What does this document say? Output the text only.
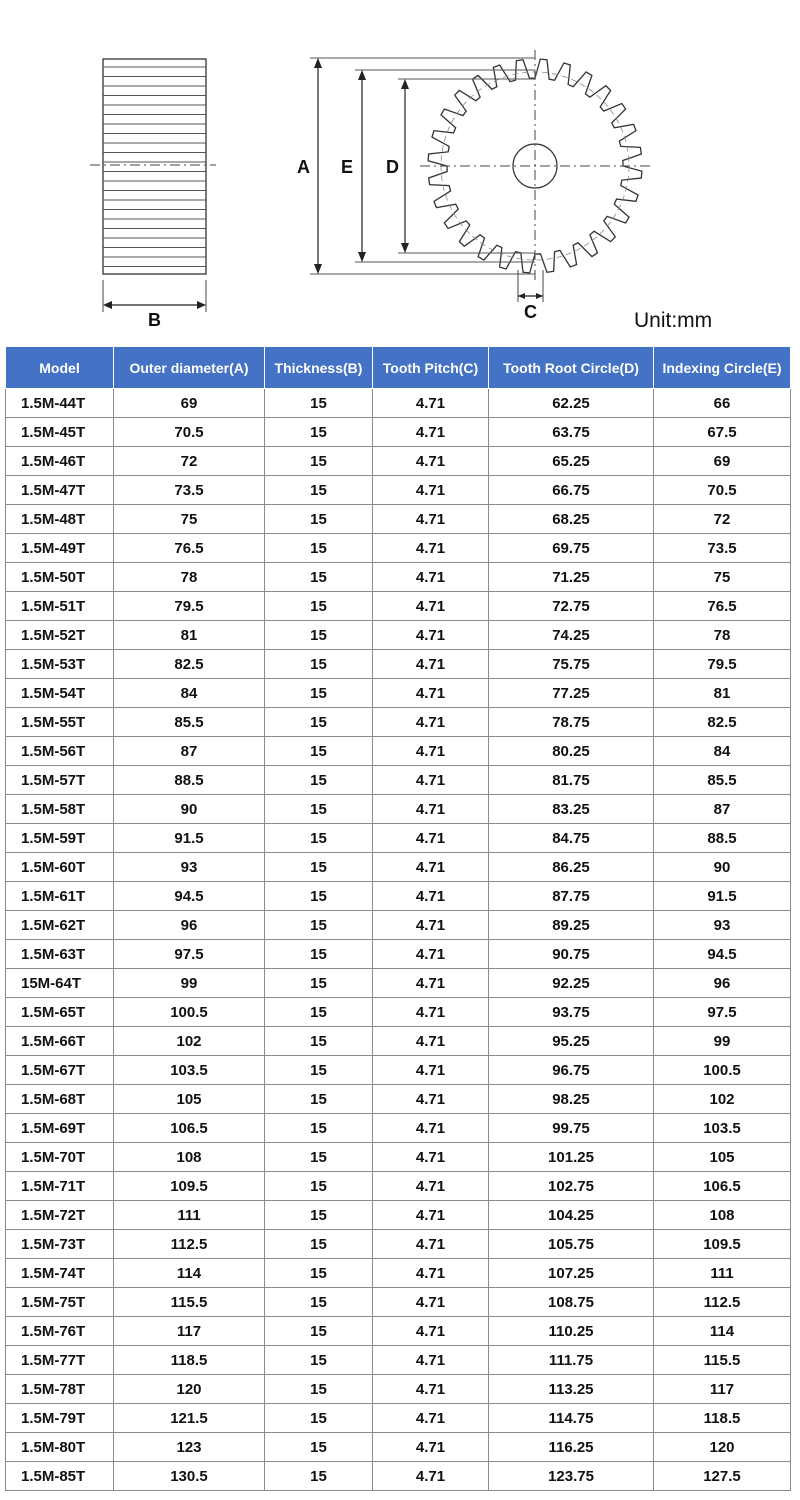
B
A E D
C	Unit:mm
Model	Outer diameter(A)	Thickness(B)	Tooth Pitch(C)	Tooth Root Circle(D)	Indexing Circle(E)
1.5M-44T	69	15	4.71	62.25	66
1.5M-45T	70.5	15	4.71	63.75	67.5
1.5M-46T	72	15	4.71	65.25	69
1.5M-47T	73.5	15	4.71	66.75	70.5
1.5M-48T	75	15	4.71	68.25	72
1.5M-49T	76.5	15	4.71	69.75	73.5
1.5M-50T	78	15	4.71	71.25	75
1.5M-51T	79.5	15	4.71	72.75	76.5
1.5M-52T	81	15	4.71	74.25	78
1.5M-53T	82.5	15	4.71	75.75	79.5
1.5M-54T	84	15	4.71	77.25	81
1.5M-55T	85.5	15	4.71	78.75	82.5
1.5M-56T	87	15	4.71	80.25	84
1.5M-57T	88.5	15	4.71	81.75	85.5
1.5M-58T	90	15	4.71	83.25	87
1.5M-59T	91.5	15	4.71	84.75	88.5
1.5M-60T	93	15	4.71	86.25	90
1.5M-61T	94.5	15	4.71	87.75	91.5
1.5M-62T	96	15	4.71	89.25	93
1.5M-63T	97.5	15	4.71	90.75	94.5
15M-64T	99	15	4.71	92.25	96
1.5M-65T	100.5	15	4.71	93.75	97.5
1.5M-66T	102	15	4.71	95.25	99
1.5M-67T	103.5	15	4.71	96.75	100.5
1.5M-68T	105	15	4.71	98.25	102
1.5M-69T	106.5	15	4.71	99.75	103.5
1.5M-70T	108	15	4.71	101.25	105
1.5M-71T	109.5	15	4.71	102.75	106.5
1.5M-72T	111	15	4.71	104.25	108
1.5M-73T	112.5	15	4.71	105.75	109.5
1.5M-74T	114	15	4.71	107.25	111
1.5M-75T	115.5	15	4.71	108.75	112.5
1.5M-76T	117	15	4.71	110.25	114
1.5M-77T	118.5	15	4.71	111.75	115.5
1.5M-78T	120	15	4.71	113.25	117
1.5M-79T	121.5	15	4.71	114.75	118.5
1.5M-80T	123	15	4.71	116.25	120
1.5M-85T	130.5	15	4.71	123.75	127.5
